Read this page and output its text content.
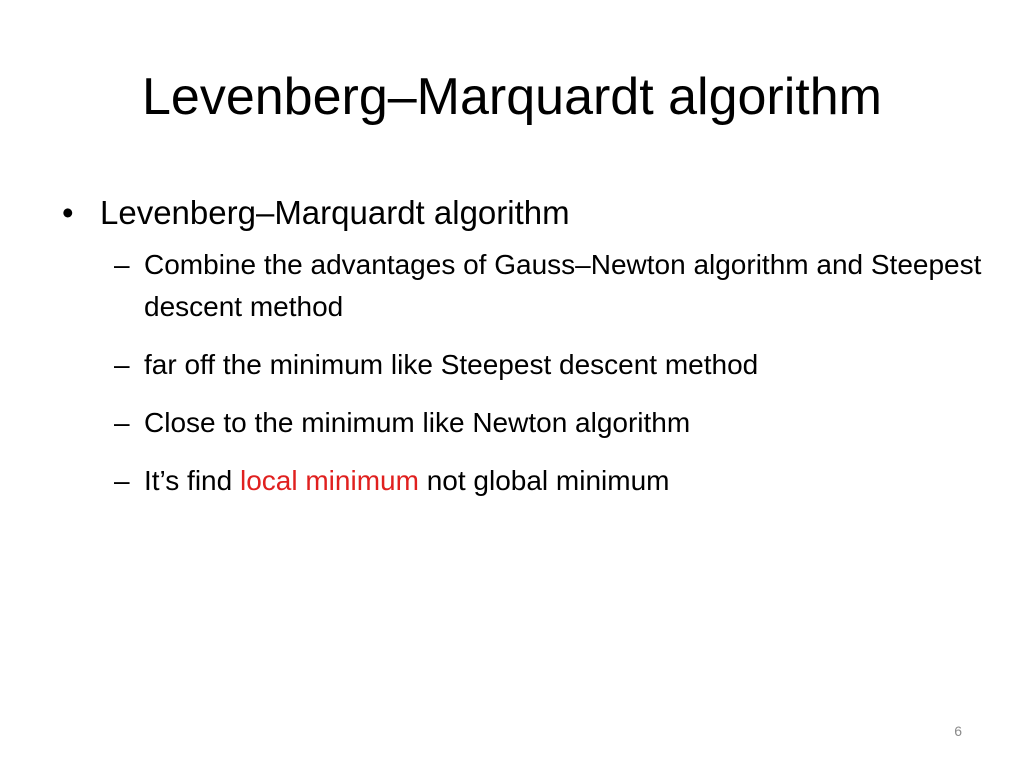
Levenberg–Marquardt algorithm
• Levenberg–Marquardt algorithm
– Combine the advantages of Gauss–Newton algorithm and Steepest descent method
– far off the minimum like Steepest descent method
– Close to the minimum like Newton algorithm
– It’s find local minimum not global minimum
6
